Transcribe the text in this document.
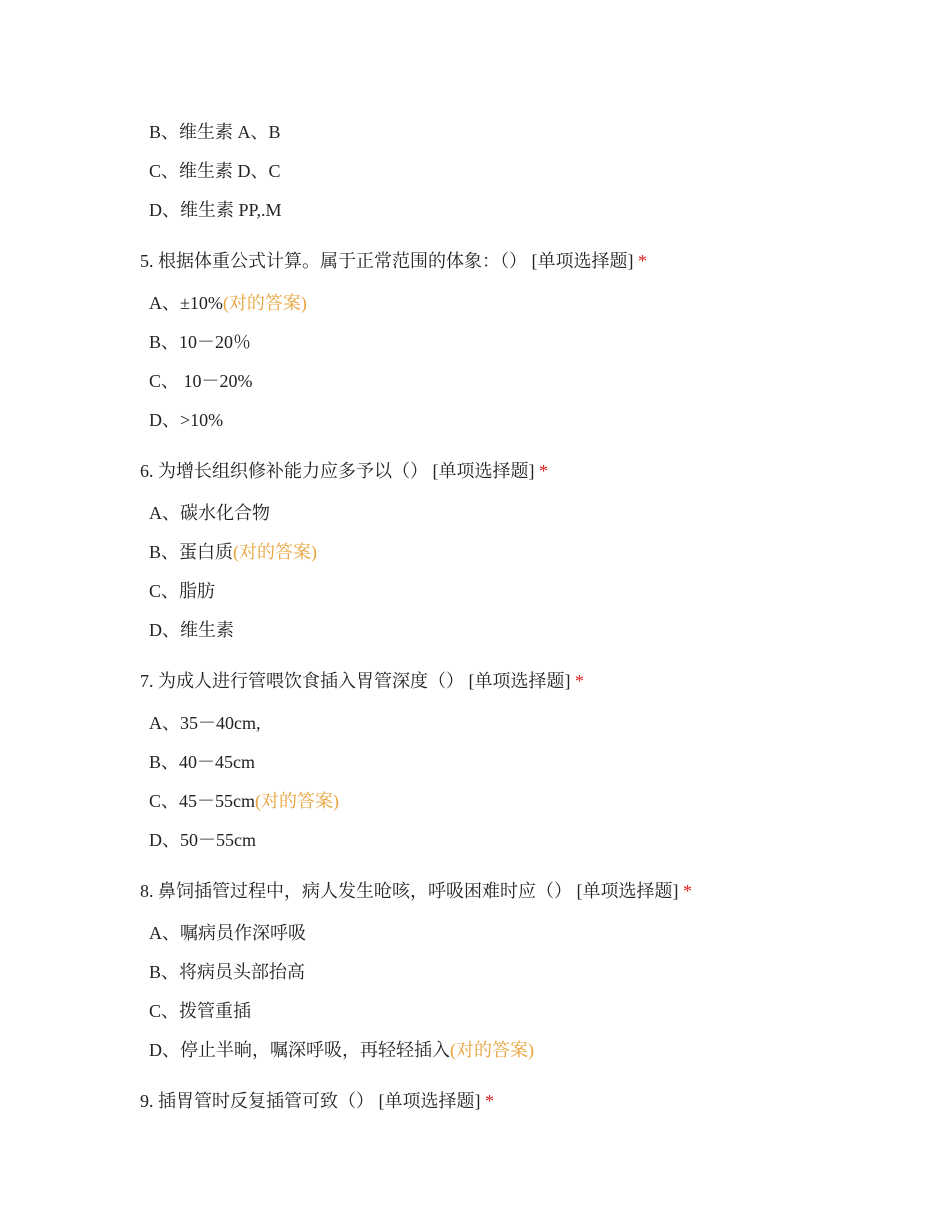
B、维生素 A、B
C、维生素 D、C
D、维生素 PP,.M
5. 根据体重公式计算。属于正常范围的体象：（） [单项选择题] *
A、±10%(对的答案)
B、10－20％
C、 10－20%
D、>10%
6. 为增长组织修补能力应多予以（） [单项选择题] *
A、碳水化合物
B、蛋白质(对的答案)
C、脂肪
D、维生素
7. 为成人进行管喂饮食插入胃管深度（） [单项选择题] *
A、35－40cm,
B、40－45cm
C、45－55cm(对的答案)
D、50－55cm
8. 鼻饲插管过程中，病人发生呛咳，呼吸困难时应（） [单项选择题] *
A、嘱病员作深呼吸
B、将病员头部抬高
C、拨管重插
D、停止半晌，嘱深呼吸，再轻轻插入(对的答案)
9. 插胃管时反复插管可致（） [单项选择题] *
